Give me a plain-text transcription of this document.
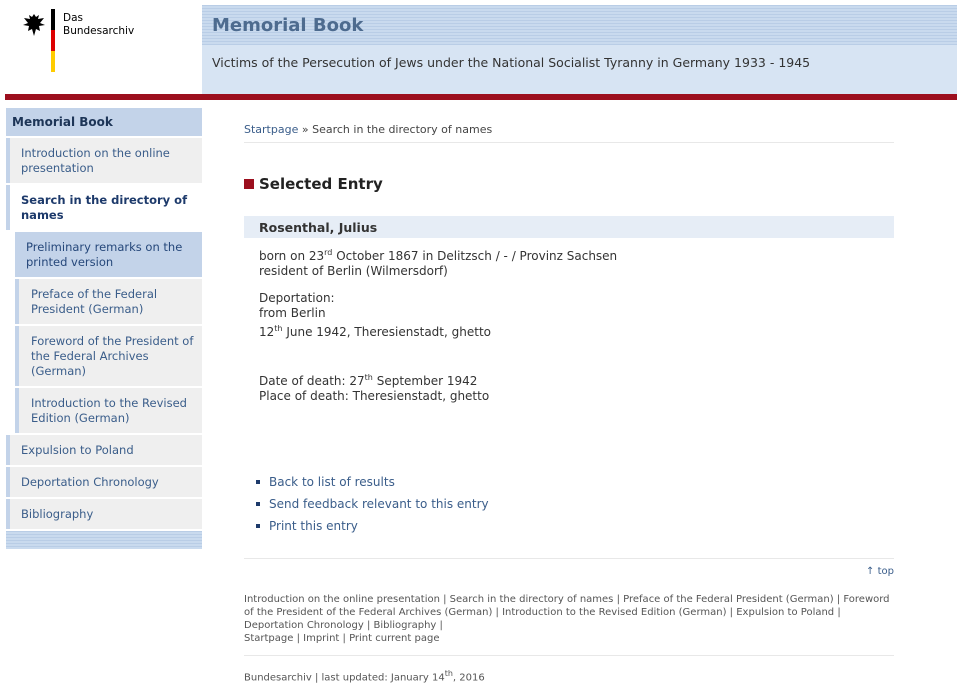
Das
Bundesarchiv	Memorial Book
Victims of the Persecution of Jews under the National Socialist Tyranny in Germany 1933 - 1945
Memorial Book
Introduction on the online presentation
Search in the directory of names
Preliminary remarks on the printed version
Preface of the Federal President (German)
Foreword of the President of the Federal Archives (German)
Introduction to the Revised Edition (German)
Expulsion to Poland
Deportation Chronology
Bibliography
Startpage » Search in the directory of names
Selected Entry
Rosenthal, Julius

born on 23rd October 1867 in Delitzsch / - / Provinz Sachsen
resident of Berlin (Wilmersdorf)

Deportation:
from Berlin
12th June 1942, Theresienstadt, ghetto

Date of death: 27th September 1942
Place of death: Theresienstadt, ghetto

Back to list of results
Send feedback relevant to this entry
Print this entry
↑ top
Introduction on the online presentation | Search in the directory of names | Preface of the Federal President (German) | Foreword of the President of the Federal Archives (German) | Introduction to the Revised Edition (German) | Expulsion to Poland | Deportation Chronology | Bibliography |
Startpage | Imprint | Print current page
Bundesarchiv | last updated: January 14th, 2016
